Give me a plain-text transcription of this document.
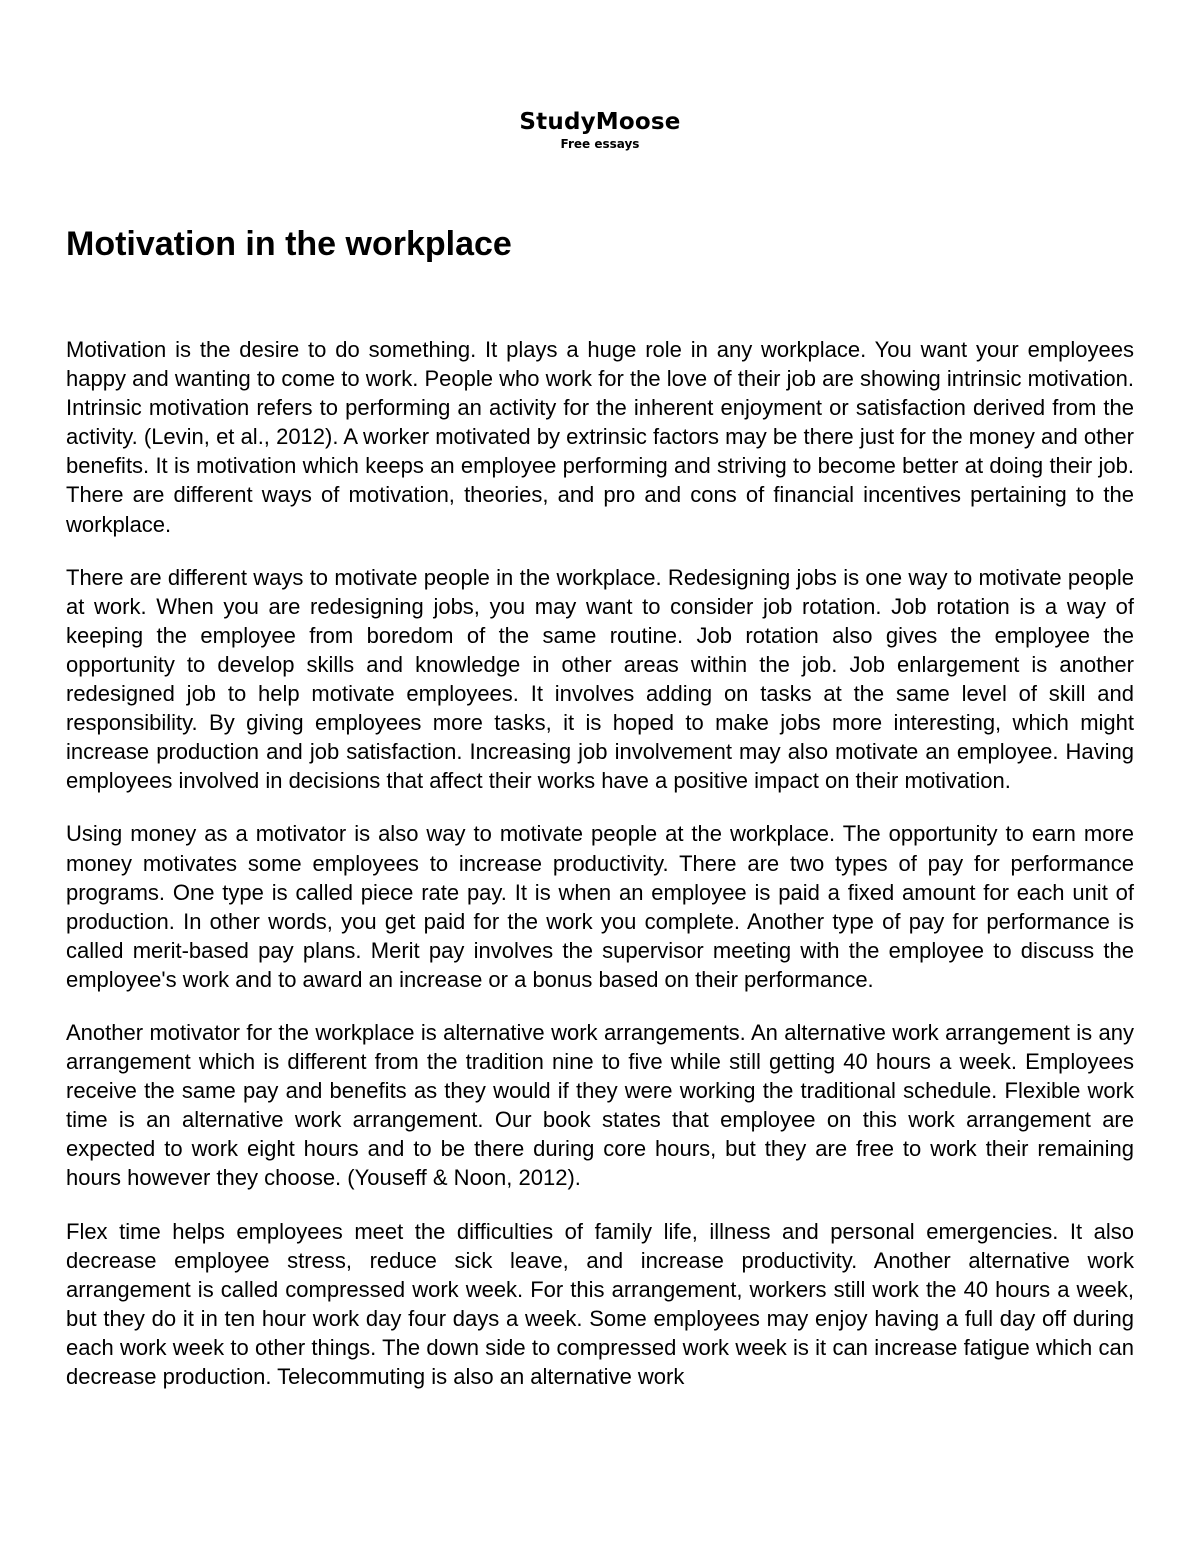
StudyMoose
Free essays
Motivation in the workplace

Motivation is the desire to do something. It plays a huge role in any workplace. You want your employees happy and wanting to come to work. People who work for the love of their job are showing intrinsic motivation. Intrinsic motivation refers to performing an activity for the inherent enjoyment or satisfaction derived from the activity. (Levin, et al., 2012). A worker motivated by extrinsic factors may be there just for the money and other benefits. It is motivation which keeps an employee performing and striving to become better at doing their job. There are different ways of motivation, theories, and pro and cons of financial incentives pertaining to the workplace.

There are different ways to motivate people in the workplace. Redesigning jobs is one way to motivate people at work. When you are redesigning jobs, you may want to consider job rotation. Job rotation is a way of keeping the employee from boredom of the same routine. Job rotation also gives the employee the opportunity to develop skills and knowledge in other areas within the job. Job enlargement is another redesigned job to help motivate employees. It involves adding on tasks at the same level of skill and responsibility. By giving employees more tasks, it is hoped to make jobs more interesting, which might increase production and job satisfaction. Increasing job involvement may also motivate an employee. Having employees involved in decisions that affect their works have a positive impact on their motivation.

Using money as a motivator is also way to motivate people at the workplace. The opportunity to earn more money motivates some employees to increase productivity. There are two types of pay for performance programs. One type is called piece rate pay. It is when an employee is paid a fixed amount for each unit of production. In other words, you get paid for the work you complete. Another type of pay for performance is called merit-based pay plans. Merit pay involves the supervisor meeting with the employee to discuss the employee's work and to award an increase or a bonus based on their performance.

Another motivator for the workplace is alternative work arrangements. An alternative work arrangement is any arrangement which is different from the tradition nine to five while still getting 40 hours a week. Employees receive the same pay and benefits as they would if they were working the traditional schedule. Flexible work time is an alternative work arrangement. Our book states that employee on this work arrangement are expected to work eight hours and to be there during core hours, but they are free to work their remaining hours however they choose. (Youseff & Noon, 2012).

Flex time helps employees meet the difficulties of family life, illness and personal emergencies. It also decrease employee stress, reduce sick leave, and increase productivity. Another alternative work arrangement is called compressed work week. For this arrangement, workers still work the 40 hours a week, but they do it in ten hour work day four days a week. Some employees may enjoy having a full day off during each work week to other things. The down side to compressed work week is it can increase fatigue which can decrease production. Telecommuting is also an alternative work
